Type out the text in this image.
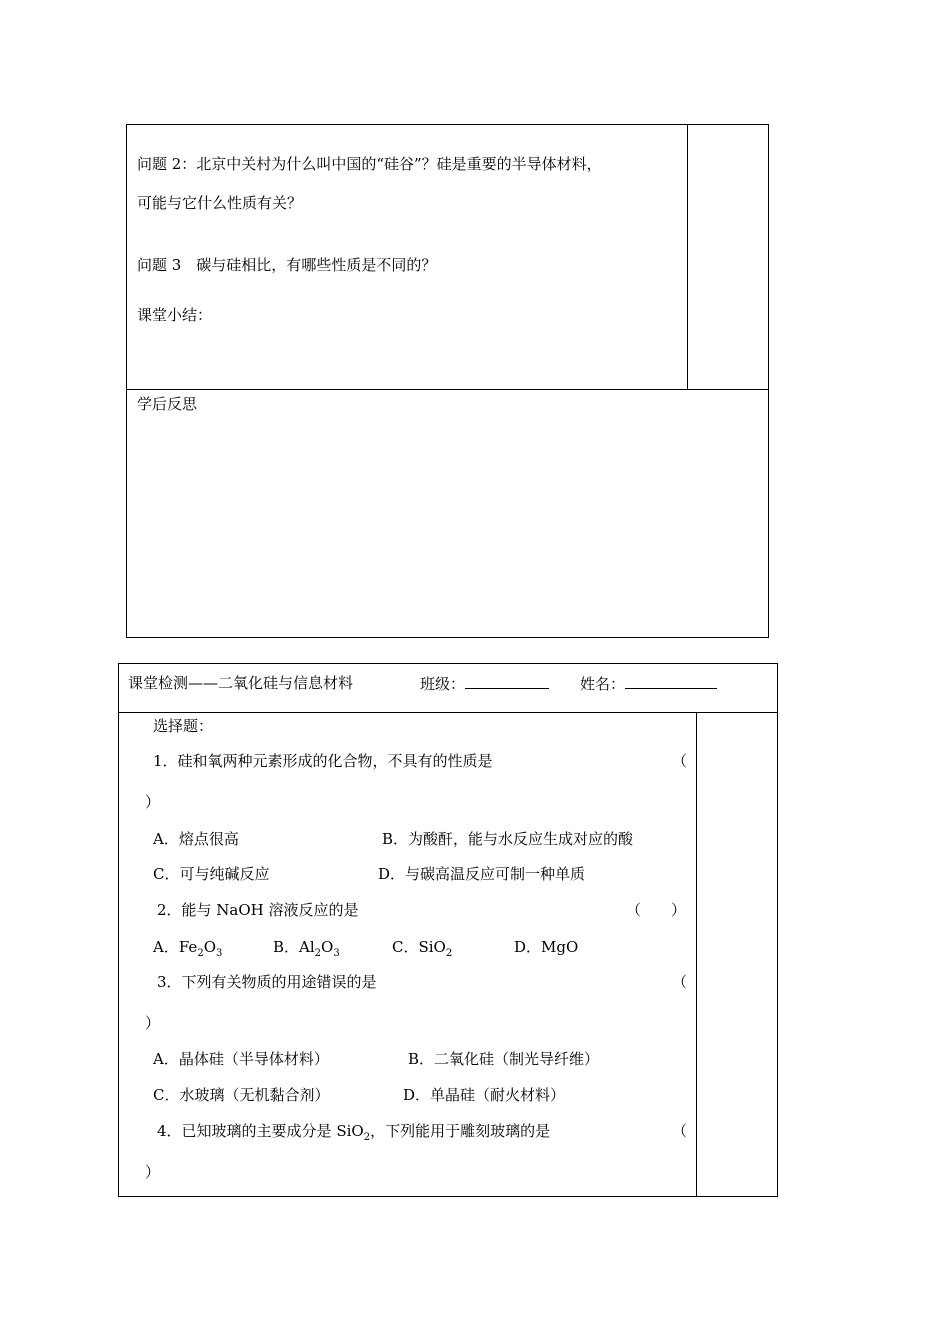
问题 2：北京中关村为什么叫中国的“硅谷”？硅是重要的半导体材料，
可能与它什么性质有关？
问题 3　碳与硅相比，有哪些性质是不同的？
课堂小结：
学后反思
课堂检测——二氧化硅与信息材料	班级：	姓名：
选择题：
1．硅和氧两种元素形成的化合物，不具有的性质是	（
）
A．熔点很高	B．为酸酐，能与水反应生成对应的酸
C．可与纯碱反应	D．与碳高温反应可制一种单质
2．能与 NaOH 溶液反应的是	（　　）
A．$Fe_2O_3$	B．$Al_2O_3$	C．SiO$_2$	D．MgO
3．下列有关物质的用途错误的是	（
）
A．晶体硅（半导体材料）	B．二氧化硅（制光导纤维）
C．水玻璃（无机黏合剂）	D．单晶硅（耐火材料）
4．已知玻璃的主要成分是 SiO$_2$，下列能用于雕刻玻璃的是	（
）
